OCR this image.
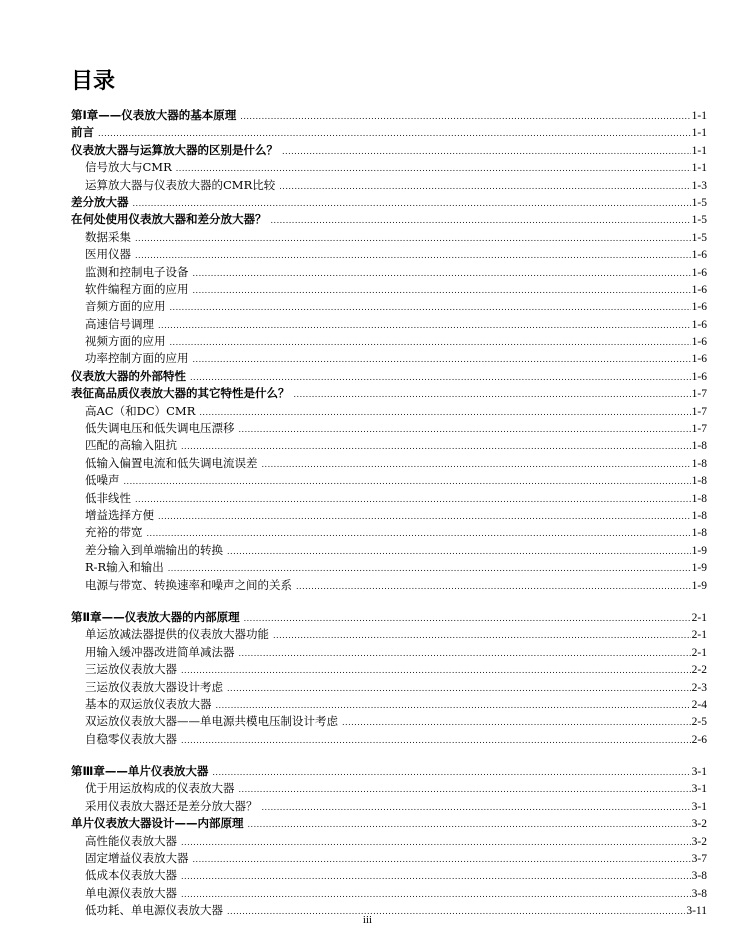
目录
第I章——仪表放大器的基本原理 .....	1-1
前言 .....	1-1
仪表放大器与运算放大器的区别是什么？ .....	1-1
信号放大与CMR .....	1-1
运算放大器与仪表放大器的CMR比较 .....	1-3
差分放大器 .....	1-5
在何处使用仪表放大器和差分放大器？ .....	1-5
数据采集 .....	1-5
医用仪器 .....	1-6
监测和控制电子设备 .....	1-6
软件编程方面的应用 .....	1-6
音频方面的应用 .....	1-6
高速信号调理 .....	1-6
视频方面的应用 .....	1-6
功率控制方面的应用 .....	1-6
仪表放大器的外部特性 .....	1-6
表征高品质仪表放大器的其它特性是什么？ .....	1-7
高AC（和DC）CMR .....	1-7
低失调电压和低失调电压漂移 .....	1-7
匹配的高输入阻抗 .....	1-8
低输入偏置电流和低失调电流误差 .....	1-8
低噪声 .....	1-8
低非线性 .....	1-8
增益选择方便 .....	1-8
充裕的带宽 .....	1-8
差分输入到单端输出的转换 .....	1-9
R-R输入和输出 .....	1-9
电源与带宽、转换速率和噪声之间的关系 .....	1-9
第Ⅱ章——仪表放大器的内部原理 .....	2-1
单运放减法器提供的仪表放大器功能 .....	2-1
用输入缓冲器改进简单减法器 .....	2-1
三运放仪表放大器 .....	2-2
三运放仪表放大器设计考虑 .....	2-3
基本的双运放仪表放大器 .....	2-4
双运放仪表放大器——单电源共模电压制设计考虑 .....	2-5
自稳零仪表放大器 .....	2-6
第Ⅲ章——单片仪表放大器 .....	3-1
优于用运放构成的仪表放大器 .....	3-1
采用仪表放大器还是差分放大器？ .....	3-1
单片仪表放大器设计——内部原理 .....	3-2
高性能仪表放大器 .....	3-2
固定增益仪表放大器 .....	3-7
低成本仪表放大器 .....	3-8
单电源仪表放大器 .....	3-8
低功耗、单电源仪表放大器 .....	3-11
iii
